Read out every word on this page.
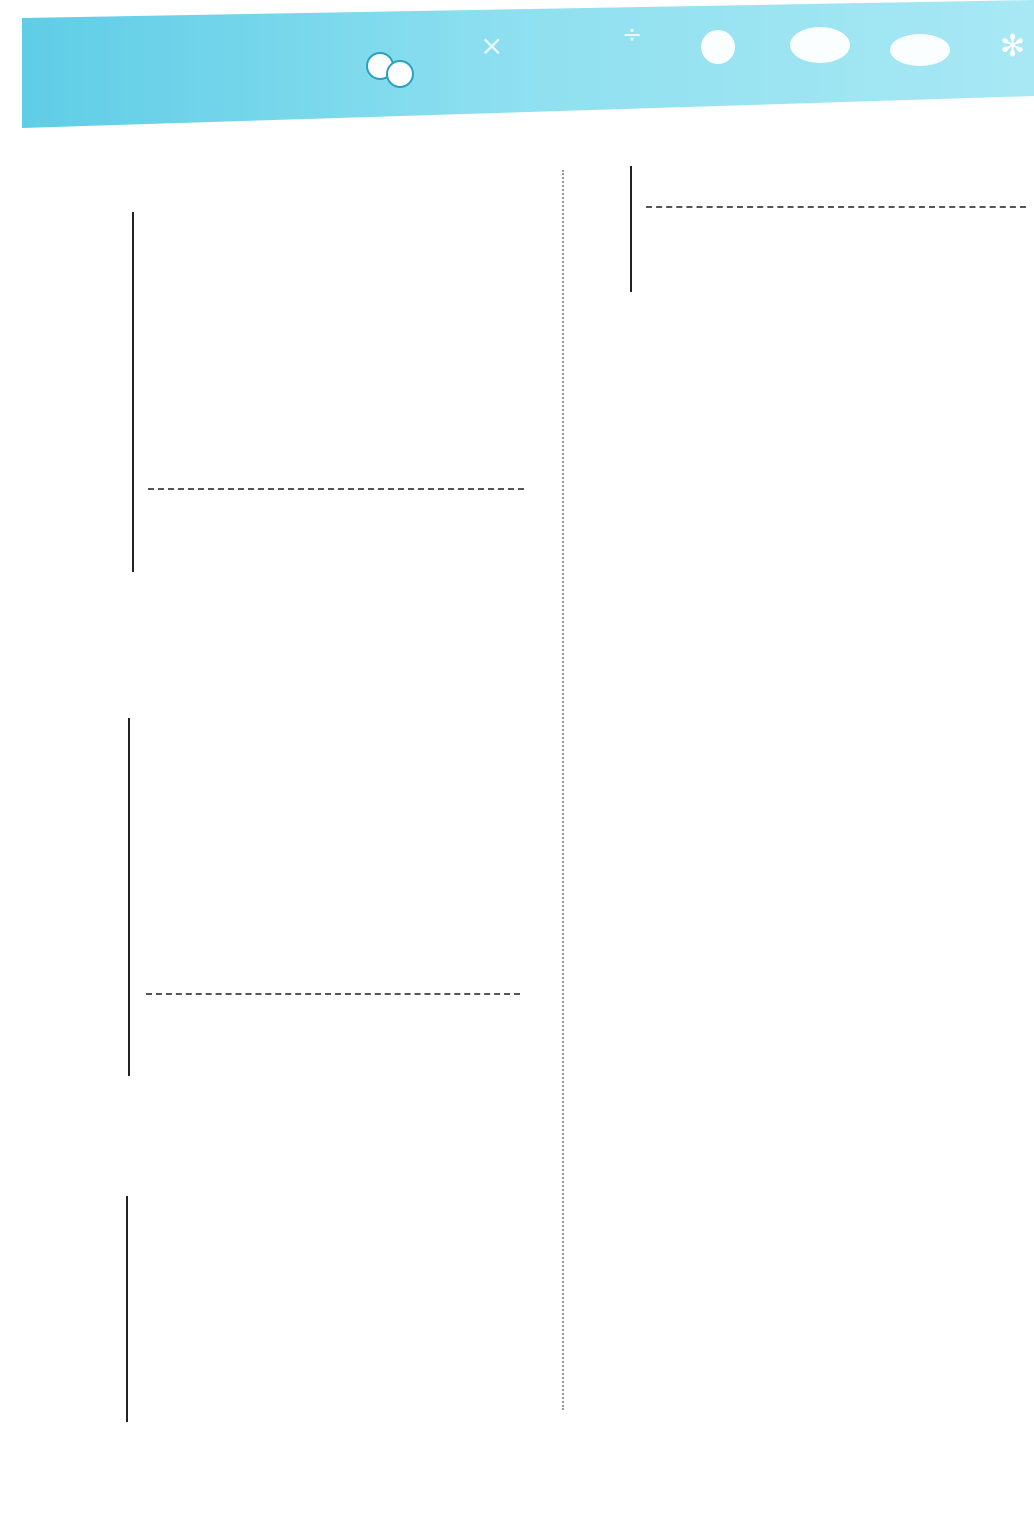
×	÷	✻
